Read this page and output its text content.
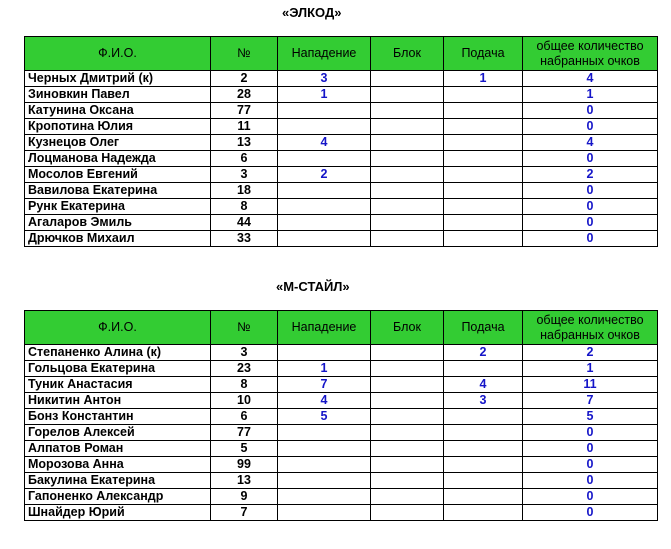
«ЭЛКОД»
Ф.И.О.	№	Нападение	Блок	Подача	общее количество набранных очков
Черных Дмитрий (к)	2	3		1	4
Зиновкин Павел	28	1			1
Катунина Оксана	77				0
Кропотина Юлия	11				0
Кузнецов Олег	13	4			4
Лоцманова Надежда	6				0
Мосолов Евгений	3	2			2
Вавилова Екатерина	18				0
Рунк Екатерина	8				0
Агаларов Эмиль	44				0
Дрючков Михаил	33				0
«М-СТАЙЛ»
Ф.И.О.	№	Нападение	Блок	Подача	общее количество набранных очков
Степаненко Алина (к)	3			2	2
Гольцова Екатерина	23	1			1
Туник Анастасия	8	7		4	11
Никитин Антон	10	4		3	7
Бонз Константин	6	5			5
Горелов Алексей	77				0
Алпатов Роман	5				0
Морозова Анна	99				0
Бакулина Екатерина	13				0
Гапоненко Александр	9				0
Шнайдер Юрий	7				0
